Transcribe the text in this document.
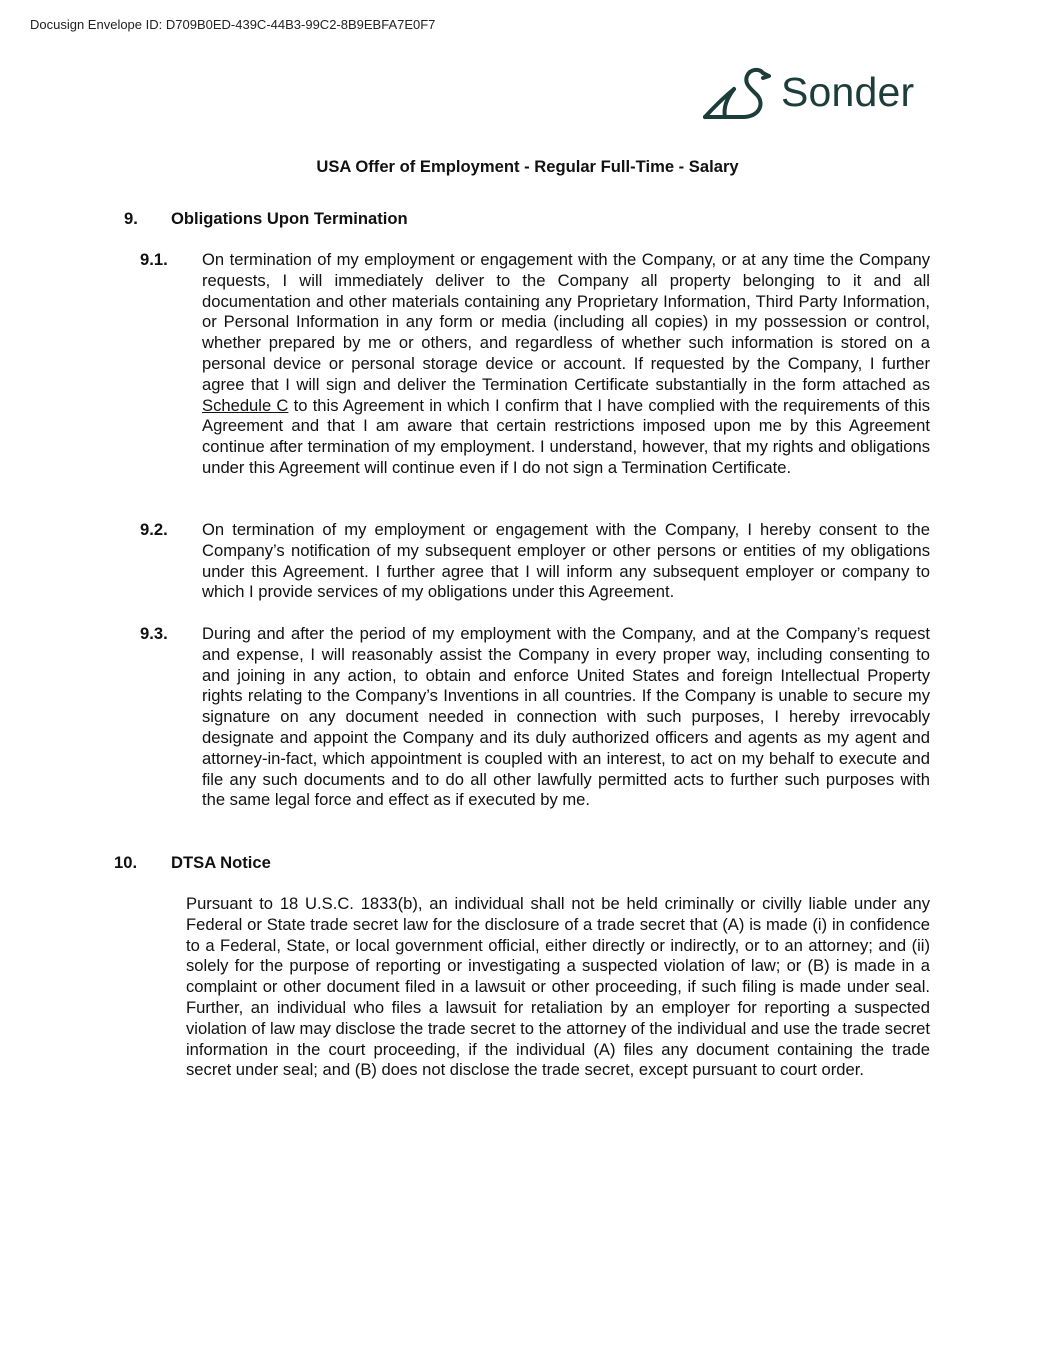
Docusign Envelope ID: D709B0ED-439C-44B3-99C2-8B9EBFA7E0F7
Sonder
USA Offer of Employment - Regular Full-Time - Salary
9. Obligations Upon Termination
9.1. On termination of my employment or engagement with the Company, or at any time the Company requests, I will immediately deliver to the Company all property belonging to it and all documentation and other materials containing any Proprietary Information, Third Party Information, or Personal Information in any form or media (including all copies) in my possession or control, whether prepared by me or others, and regardless of whether such information is stored on a personal device or personal storage device or account. If requested by the Company, I further agree that I will sign and deliver the Termination Certificate substantially in the form attached as Schedule C to this Agreement in which I confirm that I have complied with the requirements of this Agreement and that I am aware that certain restrictions imposed upon me by this Agreement continue after termination of my employment. I understand, however, that my rights and obligations under this Agreement will continue even if I do not sign a Termination Certificate.
9.2. On termination of my employment or engagement with the Company, I hereby consent to the Company’s notification of my subsequent employer or other persons or entities of my obligations under this Agreement. I further agree that I will inform any subsequent employer or company to which I provide services of my obligations under this Agreement.
9.3. During and after the period of my employment with the Company, and at the Company’s request and expense, I will reasonably assist the Company in every proper way, including consenting to and joining in any action, to obtain and enforce United States and foreign Intellectual Property rights relating to the Company’s Inventions in all countries. If the Company is unable to secure my signature on any document needed in connection with such purposes, I hereby irrevocably designate and appoint the Company and its duly authorized officers and agents as my agent and attorney-in-fact, which appointment is coupled with an interest, to act on my behalf to execute and file any such documents and to do all other lawfully permitted acts to further such purposes with the same legal force and effect as if executed by me.
10. DTSA Notice
Pursuant to 18 U.S.C. 1833(b), an individual shall not be held criminally or civilly liable under any Federal or State trade secret law for the disclosure of a trade secret that (A) is made (i) in confidence to a Federal, State, or local government official, either directly or indirectly, or to an attorney; and (ii) solely for the purpose of reporting or investigating a suspected violation of law; or (B) is made in a complaint or other document filed in a lawsuit or other proceeding, if such filing is made under seal. Further, an individual who files a lawsuit for retaliation by an employer for reporting a suspected violation of law may disclose the trade secret to the attorney of the individual and use the trade secret information in the court proceeding, if the individual (A) files any document containing the trade secret under seal; and (B) does not disclose the trade secret, except pursuant to court order.
